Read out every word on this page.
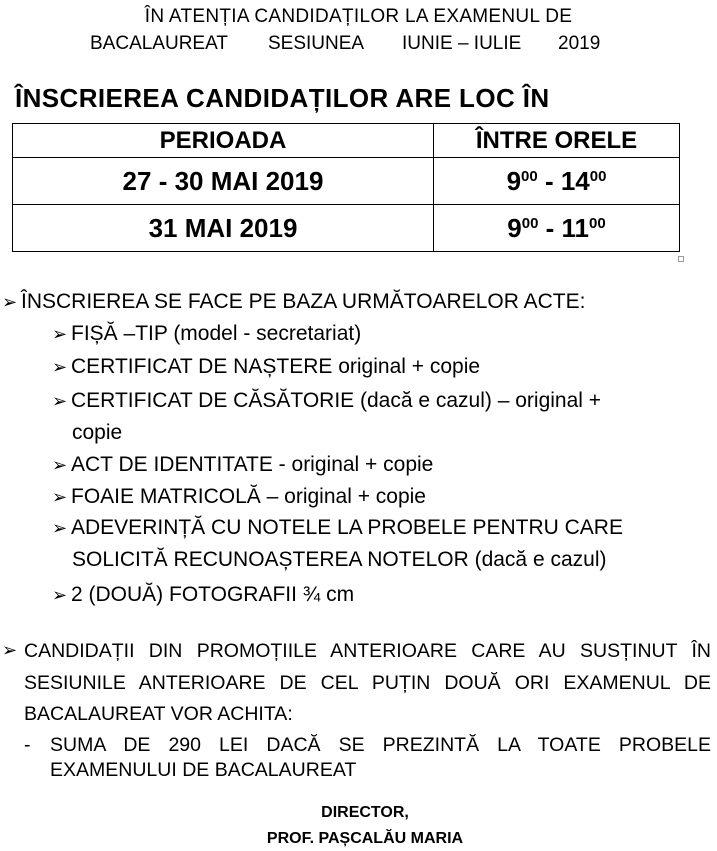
ÎN ATENȚIA CANDIDAȚILOR LA EXAMENUL DE
BACALAUREAT SESIUNEA IUNIE – IULIE 2019
ÎNSCRIEREA CANDIDAȚILOR ARE LOC ÎN
PERIOADA	ÎNTRE ORELE
27 - 30 MAI 2019	$9^{00} - 14^{00}$
31 MAI 2019	$9^{00} - 11^{00}$
➢ ÎNSCRIEREA SE FACE PE BAZA URMĂTOARELOR ACTE:
➢ FIȘĂ –TIP (model - secretariat)
➢ CERTIFICAT DE NAȘTERE original + copie
➢ CERTIFICAT DE CĂSĂTORIE (dacă e cazul) – original +
copie
➢ ACT DE IDENTITATE - original + copie
➢ FOAIE MATRICOLĂ – original + copie
➢ ADEVERINȚĂ CU NOTELE LA PROBELE PENTRU CARE
SOLICITĂ RECUNOAȘTEREA NOTELOR (dacă e cazul)
➢ 2 (DOUĂ) FOTOGRAFII ¾ cm
➢ CANDIDAȚII DIN PROMOȚIILE ANTERIOARE CARE AU SUSȚINUT ÎN
SESIUNILE ANTERIOARE DE CEL PUȚIN DOUĂ ORI EXAMENUL DE
BACALAUREAT VOR ACHITA:
- SUMA DE 290 LEI DACĂ SE PREZINTĂ LA TOATE PROBELE
EXAMENULUI DE BACALAUREAT
DIRECTOR,
PROF. PAȘCALĂU MARIA
